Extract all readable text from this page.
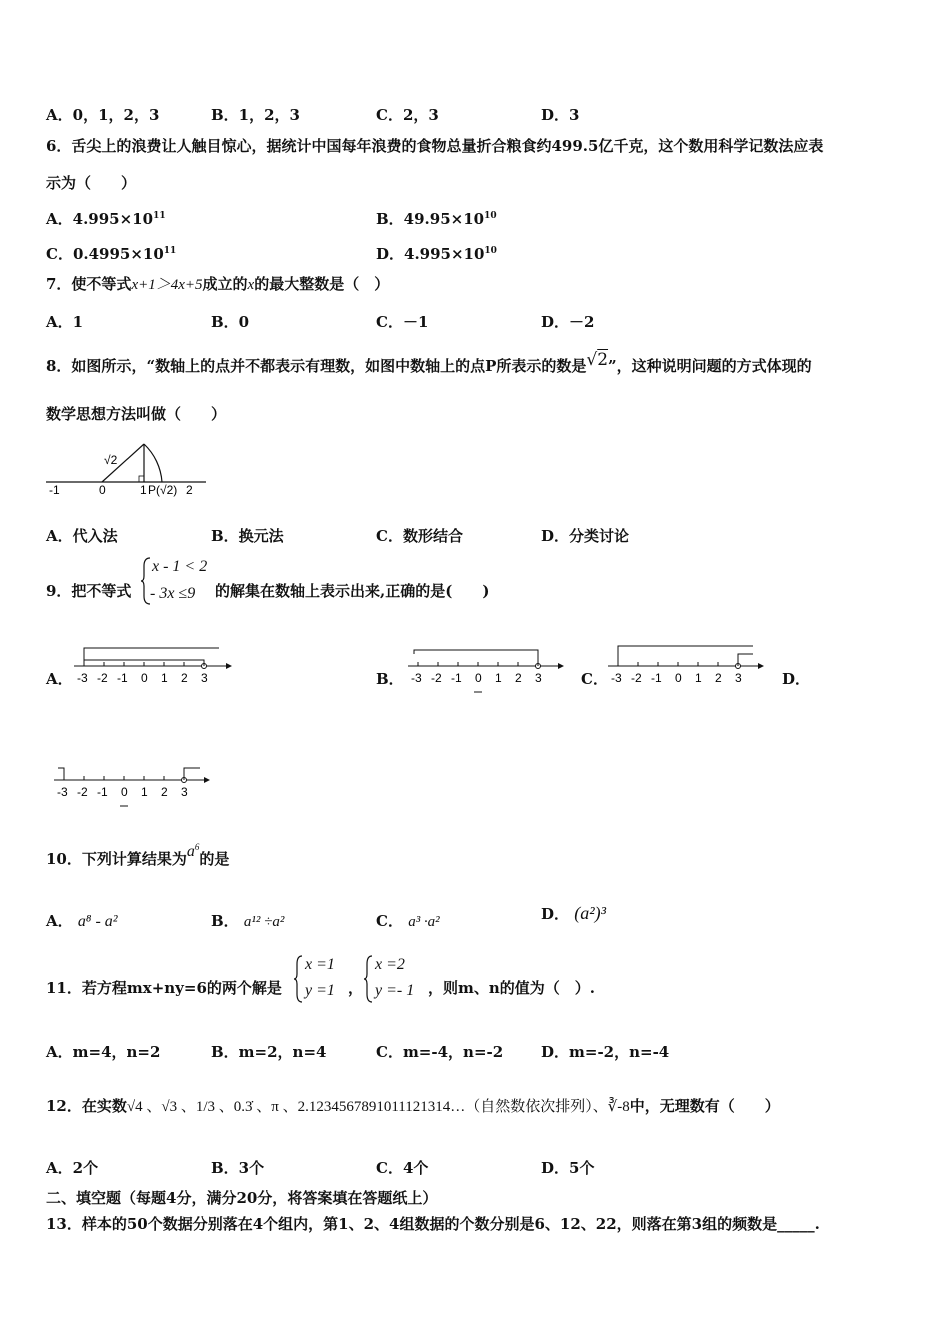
A．0，1，2，3	B．1，2，3	C．2，3	D．3
6．舌尖上的浪费让人触目惊心，据统计中国每年浪费的食物总量折合粮食约499.5亿千克，这个数用科学记数法应表
示为（　　）
A．$4.995\times 10^{11}$	B．$49.95\times 10^{10}$
C．$0.4995\times 10^{11}$	D．$4.995\times 10^{10}$
7．使不等式x+1＞4x+5成立的x的最大整数是（　）
A．1	B．0	C．－1	D．－2
8．如图所示，“数轴上的点并不都表示有理数，如图中数轴上的点P所表示的数是√2”，这种说明问题的方式体现的
数学思想方法叫做（　　）
√2
-1	0	1 P(√2) 2
A．代入法	B．换元法	C．数形结合	D．分类讨论
9．把不等式
x - 1 < 2
- 3x ≤9 的解集在数轴上表示出来,正确的是(　　)
A． -3 -2 -1 0 1 2 3	B． -3 -2 -1 0 1 2 3	C． -3 -2 -1 0 1 2 3	D．
-3 -2 -1 0 1 2 3
10．下列计算结果为$a^6$的是
A． a⁸ - a²	B． a¹² ÷a²	C． a³ ·a²	D． (a²)³
11．若方程mx+ny=6的两个解是
x =1
y =1 ，
x =2
y =- 1 ，则m、n的值为（　）.
A．m=4，n=2	B．m=2，n=4	C．m=-4，n=-2	D．m=-2，n=-4
12．在实数√4 、√3 、1/3 、0.3̇ 、π 、2.1234567891011121314…（自然数依次排列）、∛-8中，无理数有（　　）
A．2个	B．3个	C．4个	D．5个
二、填空题（每题4分，满分20分，将答案填在答题纸上）
13．样本的50个数据分别落在4个组内，第1、2、4组数据的个数分别是6、12、22，则落在第3组的频数是_____.
